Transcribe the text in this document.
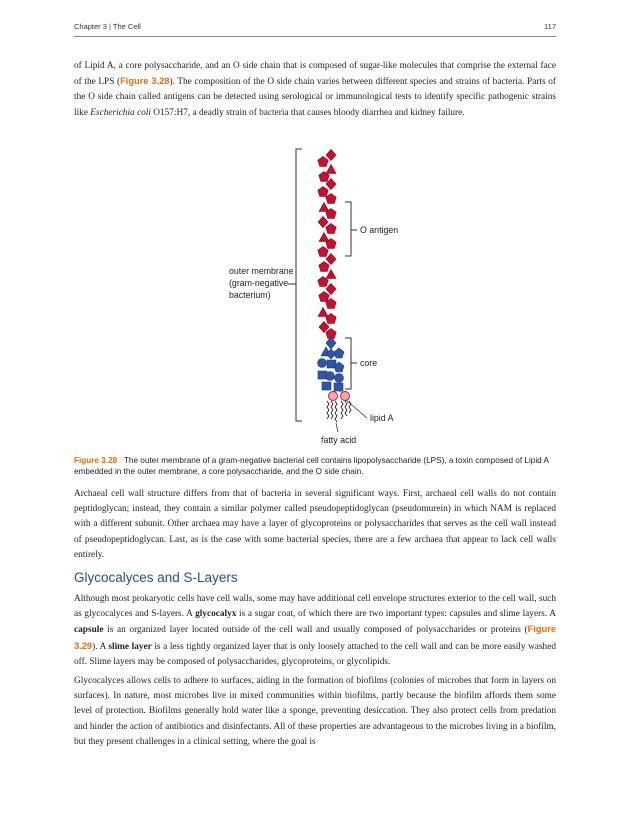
Chapter 3 | The Cell	117

of Lipid A, a core polysaccharide, and an O side chain that is composed of sugar-like molecules that comprise the external face of the LPS (Figure 3.28). The composition of the O side chain varies between different species and strains of bacteria. Parts of the O side chain called antigens can be detected using serological or immunological tests to identify specific pathogenic strains like Escherichia coli O157:H7, a deadly strain of bacteria that causes bloody diarrhea and kidney failure.

O antigen
core
lipid A
fatty acid
outer membrane
(gram-negative
bacterium)

Figure 3.28 The outer membrane of a gram-negative bacterial cell contains lipopolysaccharide (LPS), a toxin composed of Lipid A embedded in the outer membrane, a core polysaccharide, and the O side chain.

Archaeal cell wall structure differs from that of bacteria in several significant ways. First, archaeal cell walls do not contain peptidoglycan; instead, they contain a similar polymer called pseudopeptidoglycan (pseudomurein) in which NAM is replaced with a different subunit. Other archaea may have a layer of glycoproteins or polysaccharides that serves as the cell wall instead of pseudopeptidoglycan. Last, as is the case with some bacterial species, there are a few archaea that appear to lack cell walls entirely.

Glycocalyces and S-Layers

Although most prokaryotic cells have cell walls, some may have additional cell envelope structures exterior to the cell wall, such as glycocalyces and S-layers. A glycocalyx is a sugar coat, of which there are two important types: capsules and slime layers. A capsule is an organized layer located outside of the cell wall and usually composed of polysaccharides or proteins (Figure 3.29). A slime layer is a less tightly organized layer that is only loosely attached to the cell wall and can be more easily washed off. Slime layers may be composed of polysaccharides, glycoproteins, or glycolipids.

Glycocalyces allows cells to adhere to surfaces, aiding in the formation of biofilms (colonies of microbes that form in layers on surfaces). In nature, most microbes live in mixed communities within biofilms, partly because the biofilm affords them some level of protection. Biofilms generally hold water like a sponge, preventing desiccation. They also protect cells from predation and hinder the action of antibiotics and disinfectants. All of these properties are advantageous to the microbes living in a biofilm, but they present challenges in a clinical setting, where the goal is
